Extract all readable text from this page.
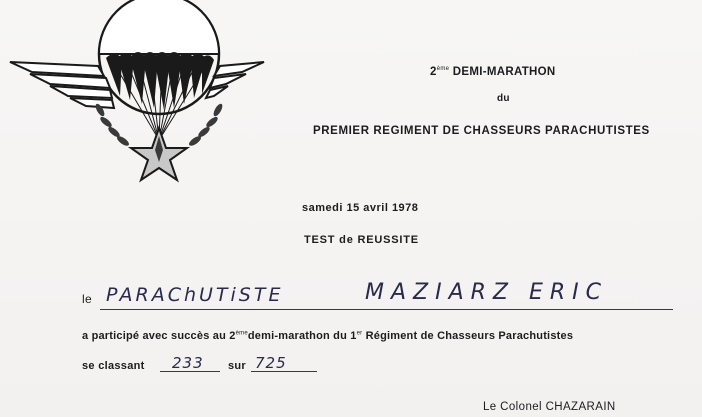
2ème DEMI-MARATHON
du
PREMIER REGIMENT DE CHASSEURS PARACHUTISTES
samedi 15 avril 1978
TEST de REUSSITE
le PARAChUTiSTE	MAZIARZ ERIC
a participé avec succès au 2èmedemi-marathon du 1er Régiment de Chasseurs Parachutistes
se classant 233 sur 725
Le Colonel CHAZARAIN
